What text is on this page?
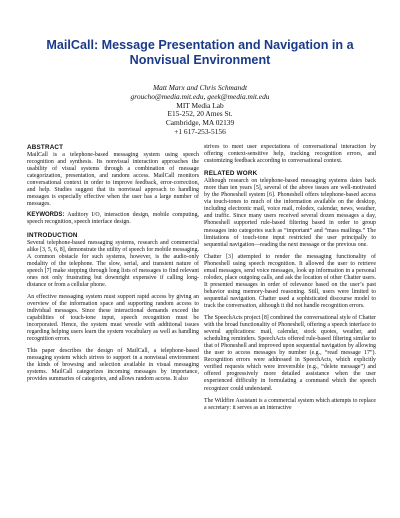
MailCall: Message Presentation and Navigation in a
Nonvisual Environment
Matt Marx and Chris Schmandt
groucho@media.mit.edu, geek@media.mit.edu
MIT Media Lab
E15-252, 20 Ames St.
Cambridge, MA 02139
+1 617-253-5156
ABSTRACT

MailCall is a telephone-based messaging system using speech recognition and synthesis. Its nonvisual interaction approaches the usability of visual systems through a combination of message categorization, presentation, and random access. MailCall monitors conversational context in order to improve feedback, error-correction, and help. Studies suggest that its nonvisual approach to handling messages is especially effective when the user has a large number of messages.

KEYWORDS: Auditory I/O, interaction design, mobile computing, speech recognition, speech interface design.

INTRODUCTION

Several telephone-based messaging systems, research and commercial alike [3, 5, 6, 8], demonstrate the utility of speech for mobile messaging. A common obstacle for such systems, however, is the audio-only modality of the telephone. The slow, serial, and transient nature of speech [7] make stepping through long lists of messages to find relevant ones not only frustrating but downright expensive if calling long-distance or from a cellular phone.

An effective messaging system must support rapid access by giving an overview of the information space and supporting random access to individual messages. Since these interactional demands exceed the capabilities of touch-tone input, speech recognition must be incorporated. Hence, the system must wrestle with additional issues regarding helping users learn the system vocabulary as well as handling recognition errors.

This paper describes the design of MailCall, a telephone-based messaging system which strives to support in a nonvisual environment the kinds of browsing and selection available in visual messaging systems. MailCall categorizes incoming messages by importance, provides summaries of categories, and allows random access. It also

strives to meet user expectations of conversational interaction by offering context-sensitive help, tracking recognition errors, and customizing feedback according to conversational context.

RELATED WORK

Although research on telephone-based messaging systems dates back more than ten years [5], several of the above issues are well-motivated by the Phoneshell system [6]. Phoneshell offers telephone-based access via touch-tones to much of the information available on the desktop, including electronic mail, voice mail, rolodex, calendar, news, weather, and traffic. Since many users received several dozen messages a day, Phoneshell supported rule-based filtering based in order to group messages into categories such as “important” and “mass mailings.” The limitations of touch-tone input restricted the user principally to sequential navigation—reading the next message or the previous one.

Chatter [3] attempted to render the messaging functionality of Phoneshell using speech recognition. It allowed the user to retrieve email messages, send voice messages, look up information in a personal rolodex, place outgoing calls, and ask the location of other Chatter users. It presented messages in order of relevance based on the user’s past behavior using memory-based reasoning. Still, users were limited to sequential navigation. Chatter used a sophisticated discourse model to track the conversation, although it did not handle recognition errors.

The SpeechActs project [8] combined the conversational style of Chatter with the broad functionality of Phoneshell, offering a speech interface to several applications: mail, calendar, stock quotes, weather, and scheduling reminders. SpeechActs offered rule-based filtering similar to that of Phoneshell and improved upon sequential navigation by allowing the user to access messages by number (e.g., “read message 17”). Recognition errors were addressed in SpeechActs, which explicitly verified requests which were irreversible (e.g., “delete message”) and offered progressively more detailed assistance when the user experienced difficulty in formulating a command which the speech recognizer could understand.

The Wildfire Assistant is a commercial system which attempts to replace a secretary: it serves as an interactive
